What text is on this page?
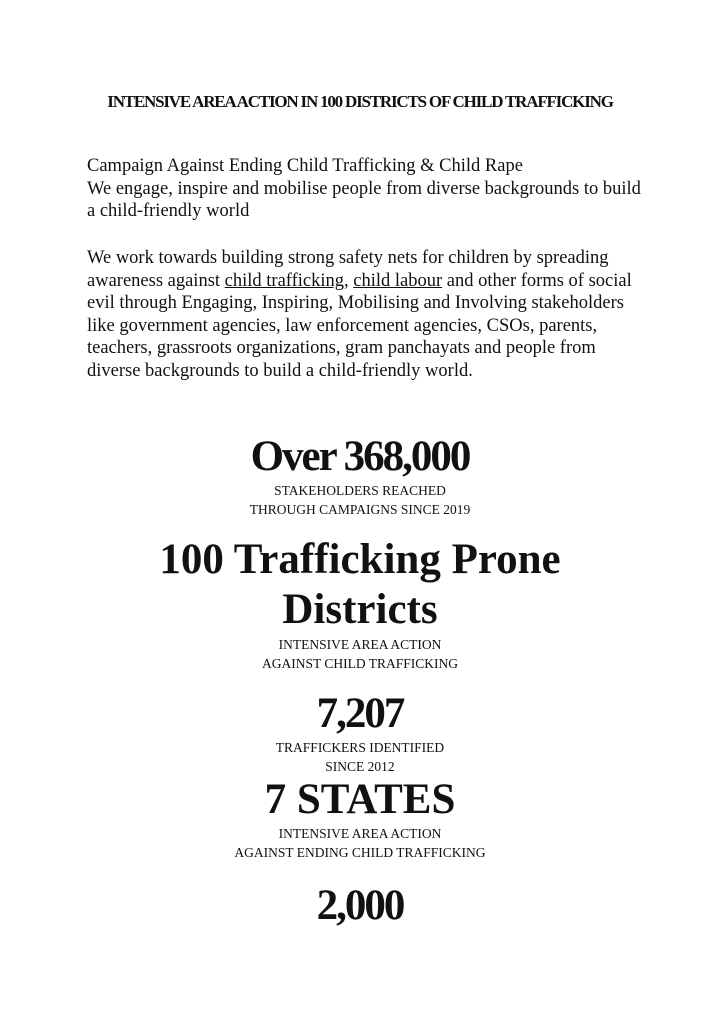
INTENSIVE AREA ACTION IN 100 DISTRICTS OF CHILD TRAFFICKING

Campaign Against Ending Child Trafficking & Child Rape

We engage, inspire and mobilise people from diverse backgrounds to build a child-friendly world

We work towards building strong safety nets for children by spreading awareness against child trafficking, child labour and other forms of social evil through Engaging, Inspiring, Mobilising and Involving stakeholders like government agencies, law enforcement agencies, CSOs, parents, teachers, grassroots organizations, gram panchayats and people from diverse backgrounds to build a child-friendly world.

Over 368,000

STAKEHOLDERS REACHED
THROUGH CAMPAIGNS SINCE 2019

100 Trafficking Prone Districts

INTENSIVE AREA ACTION
AGAINST CHILD TRAFFICKING

7,207

TRAFFICKERS IDENTIFIED
SINCE 2012

7 STATES

INTENSIVE AREA ACTION
AGAINST ENDING CHILD TRAFFICKING

2,000
